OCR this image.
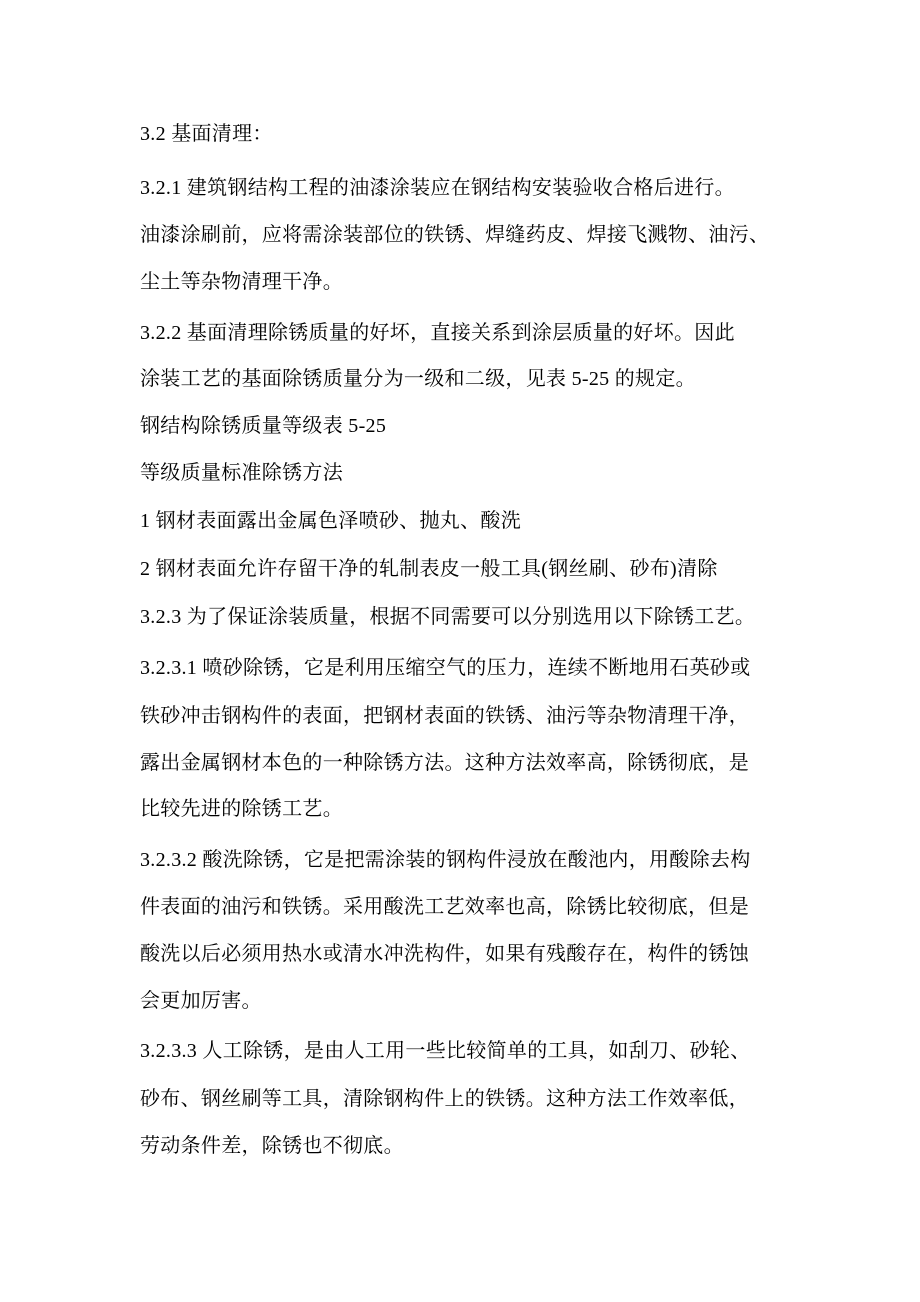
3.2 基面清理：
3.2.1 建筑钢结构工程的油漆涂装应在钢结构安装验收合格后进行。
油漆涂刷前，应将需涂装部位的铁锈、焊缝药皮、焊接飞溅物、油污、
尘土等杂物清理干净。
3.2.2 基面清理除锈质量的好坏，直接关系到涂层质量的好坏。因此
涂装工艺的基面除锈质量分为一级和二级，见表 5-25 的规定。
钢结构除锈质量等级表 5-25
等级质量标准除锈方法
1 钢材表面露出金属色泽喷砂、抛丸、酸洗
2 钢材表面允许存留干净的轧制表皮一般工具(钢丝刷、砂布)清除
3.2.3 为了保证涂装质量，根据不同需要可以分别选用以下除锈工艺。
3.2.3.1 喷砂除锈，它是利用压缩空气的压力，连续不断地用石英砂或
铁砂冲击钢构件的表面，把钢材表面的铁锈、油污等杂物清理干净，
露出金属钢材本色的一种除锈方法。这种方法效率高，除锈彻底，是
比较先进的除锈工艺。
3.2.3.2 酸洗除锈，它是把需涂装的钢构件浸放在酸池内，用酸除去构
件表面的油污和铁锈。采用酸洗工艺效率也高，除锈比较彻底，但是
酸洗以后必须用热水或清水冲洗构件，如果有残酸存在，构件的锈蚀
会更加厉害。
3.2.3.3 人工除锈，是由人工用一些比较简单的工具，如刮刀、砂轮、
砂布、钢丝刷等工具，清除钢构件上的铁锈。这种方法工作效率低，
劳动条件差，除锈也不彻底。
